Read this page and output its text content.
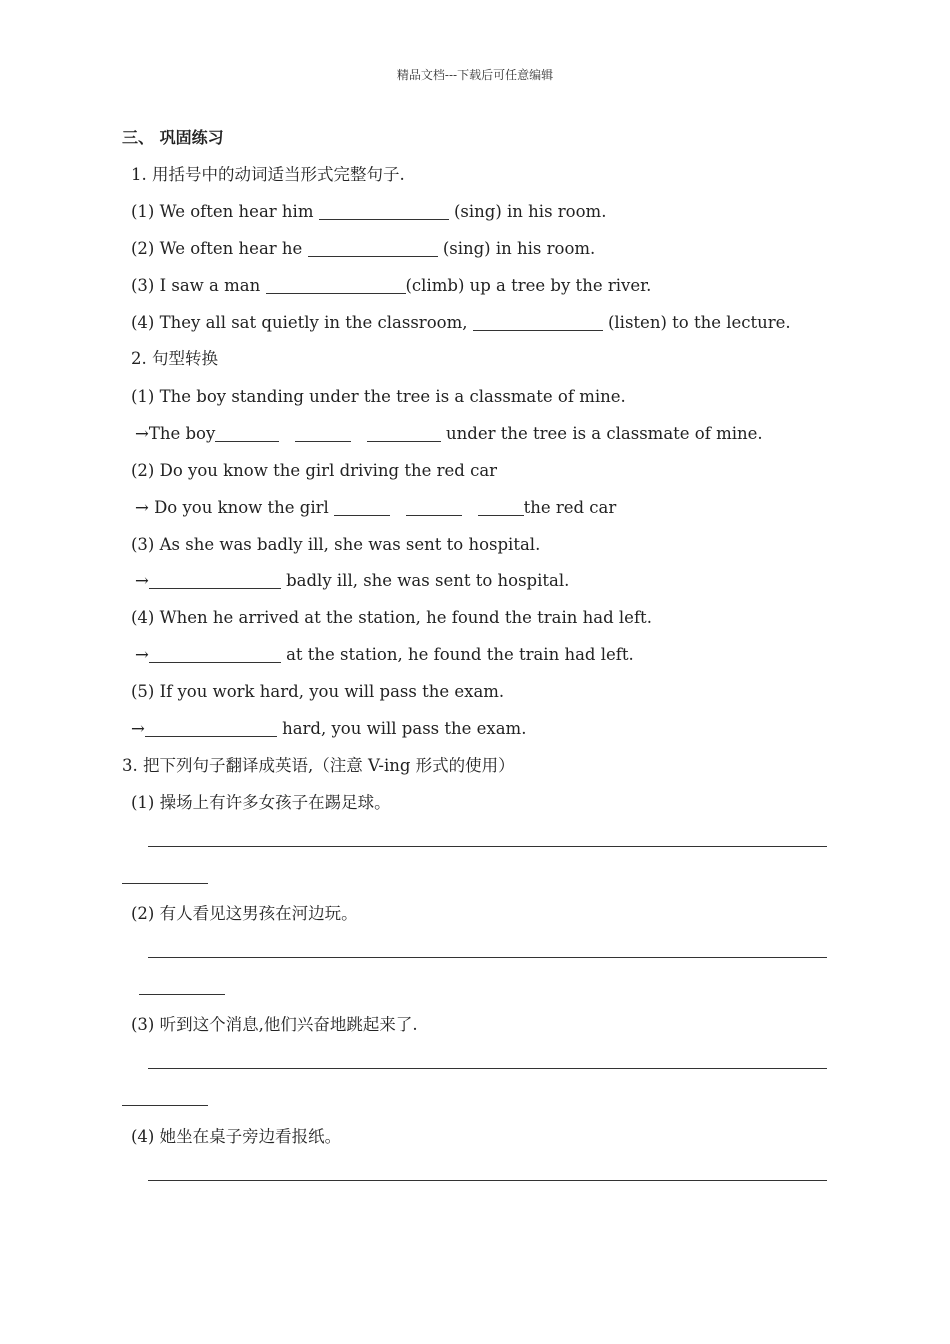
精品文档---下载后可任意编辑
三、 巩固练习
1. 用括号中的动词适当形式完整句子.
(1) We often hear him	(sing) in his room.
(2) We often hear he	(sing) in his room.
(3) I saw a man	(climb) up a tree by the river.
(4) They all sat quietly in the classroom,	(listen) to the lecture.
2. 句型转换
(1) The boy standing under the tree is a classmate of mine.
→The boy	under the tree is a classmate of mine.
(2) Do you know the girl driving the red car
→ Do you know the girl	the red car
(3) As she was badly ill, she was sent to hospital.
→	badly ill, she was sent to hospital.
(4) When he arrived at the station, he found the train had left.
→	at the station, he found the train had left.
(5) If you work hard, you will pass the exam.
→	hard, you will pass the exam.
3. 把下列句子翻译成英语,（注意 V-ing 形式的使用）
(1) 操场上有许多女孩子在踢足球。
(2) 有人看见这男孩在河边玩。
(3) 听到这个消息,他们兴奋地跳起来了.
(4) 她坐在桌子旁边看报纸。
